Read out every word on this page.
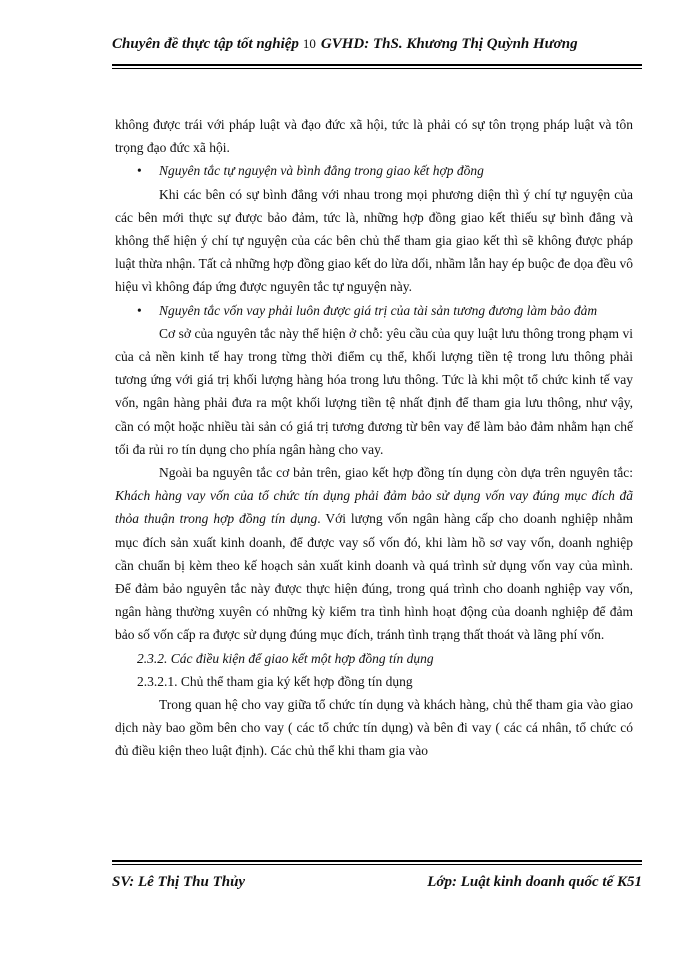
Chuyên đề thực tập tốt nghiệp 10 GVHD: ThS. Khương Thị Quỳnh Hương

không được trái với pháp luật và đạo đức xã hội, tức là phải có sự tôn trọng pháp luật và tôn trọng đạo đức xã hội.

• Nguyên tắc tự nguyện và bình đẳng trong giao kết hợp đồng

Khi các bên có sự bình đẳng với nhau trong mọi phương diện thì ý chí tự nguyện của các bên mới thực sự được bảo đảm, tức là, những hợp đồng giao kết thiếu sự bình đẳng và không thể hiện ý chí tự nguyện của các bên chủ thể tham gia giao kết thì sẽ không được pháp luật thừa nhận. Tất cả những hợp đồng giao kết do lừa dối, nhầm lẫn hay ép buộc đe dọa đều vô hiệu vì không đáp ứng được nguyên tắc tự nguyện này.

• Nguyên tắc vốn vay phải luôn được giá trị của tài sản tương đương làm bảo đảm

Cơ sở của nguyên tắc này thể hiện ở chỗ: yêu cầu của quy luật lưu thông trong phạm vi của cả nền kinh tế hay trong từng thời điểm cụ thể, khối lượng tiền tệ trong lưu thông phải tương ứng với giá trị khối lượng hàng hóa trong lưu thông. Tức là khi một tổ chức kinh tế vay vốn, ngân hàng phải đưa ra một khối lượng tiền tệ nhất định để tham gia lưu thông, như vậy, cần có một hoặc nhiều tài sản có giá trị tương đương từ bên vay để làm bảo đảm nhằm hạn chế tối đa rủi ro tín dụng cho phía ngân hàng cho vay.

Ngoài ba nguyên tắc cơ bản trên, giao kết hợp đồng tín dụng còn dựa trên nguyên tắc: Khách hàng vay vốn của tổ chức tín dụng phải đảm bảo sử dụng vốn vay đúng mục đích đã thỏa thuận trong hợp đồng tín dụng. Với lượng vốn ngân hàng cấp cho doanh nghiệp nhằm mục đích sản xuất kinh doanh, để được vay số vốn đó, khi làm hồ sơ vay vốn, doanh nghiệp cần chuẩn bị kèm theo kế hoạch sản xuất kinh doanh và quá trình sử dụng vốn vay của mình. Để đảm bảo nguyên tắc này được thực hiện đúng, trong quá trình cho doanh nghiệp vay vốn, ngân hàng thường xuyên có những kỳ kiểm tra tình hình hoạt động của doanh nghiệp để đảm bảo số vốn cấp ra được sử dụng đúng mục đích, tránh tình trạng thất thoát và lãng phí vốn.

2.3.2. Các điều kiện để giao kết một hợp đồng tín dụng

2.3.2.1. Chủ thể tham gia ký kết hợp đồng tín dụng

Trong quan hệ cho vay giữa tổ chức tín dụng và khách hàng, chủ thể tham gia vào giao dịch này bao gồm bên cho vay ( các tổ chức tín dụng) và bên đi vay ( các cá nhân, tổ chức có đủ điều kiện theo luật định). Các chủ thể khi tham gia vào

SV: Lê Thị Thu Thủy	Lớp: Luật kinh doanh quốc tế K51
